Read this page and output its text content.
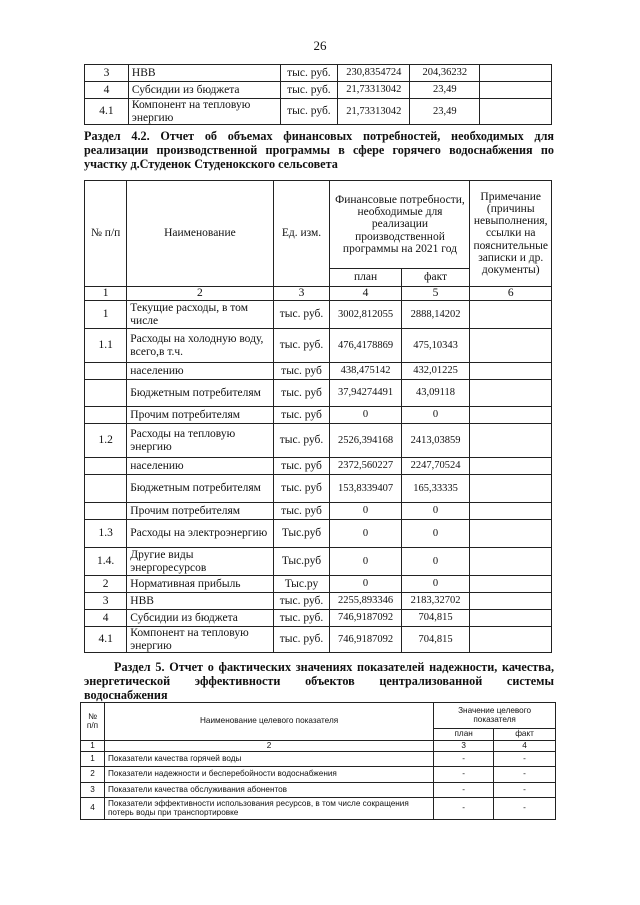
26
3	НВВ	тыс. руб.	230,8354724	204,36232	
4	Субсидии из бюджета	тыс. руб.	21,73313042	23,49	
4.1	Компонент на тепловую энергию	тыс. руб.	21,73313042	23,49	
Раздел 4.2. Отчет об объемах финансовых потребностей, необходимых для реализации производственной программы в сфере горячего водоснабжения по участку д.Студенок Студенокского сельсовета
№ п/п	Наименование	Ед. изм.	Финансовые потребности, необходимые для реализации производственной программы на 2021 год		Примечание (причины невыполнения, ссылки на пояснительные записки и др. документы)
			план	факт	
1	2	3	4	5	6
1	Текущие расходы, в том числе	тыс. руб.	3002,812055	2888,14202	
1.1	Расходы на холодную воду, всего,в т.ч.	тыс. руб.	476,4178869	475,10343	
	населению	тыс. руб	438,475142	432,01225	
	Бюджетным потребителям	тыс. руб	37,94274491	43,09118	
	Прочим потребителям	тыс. руб	0	0	
1.2	Расходы на тепловую энергию	тыс. руб.	2526,394168	2413,03859	
	населению	тыс. руб	2372,560227	2247,70524	
	Бюджетным потребителям	тыс. руб	153,8339407	165,33335	
	Прочим потребителям	тыс. руб	0	0	
1.3	Расходы на электроэнергию	Тыс.руб	0	0	
1.4.	Другие виды энергоресурсов	Тыс.руб	0	0	
2	Нормативная прибыль	Тыс.ру	0	0	
3	НВВ	тыс. руб.	2255,893346	2183,32702	
4	Субсидии из бюджета	тыс. руб.	746,9187092	704,815	
4.1	Компонент на тепловую энергию	тыс. руб.	746,9187092	704,815	
Раздел 5. Отчет о фактических значениях показателей надежности, качества, энергетической эффективности объектов централизованной системы водоснабжения
№ п/п	Наименование целевого показателя	Значение целевого показателя	
		план	факт
1	2	3	4
1	Показатели качества горячей воды	-	-
2	Показатели надежности и бесперебойности водоснабжения	-	-
3	Показатели качества обслуживания абонентов	-	-
4	Показатели эффективности использования ресурсов, в том числе сокращения потерь воды при транспортировке	-	-
